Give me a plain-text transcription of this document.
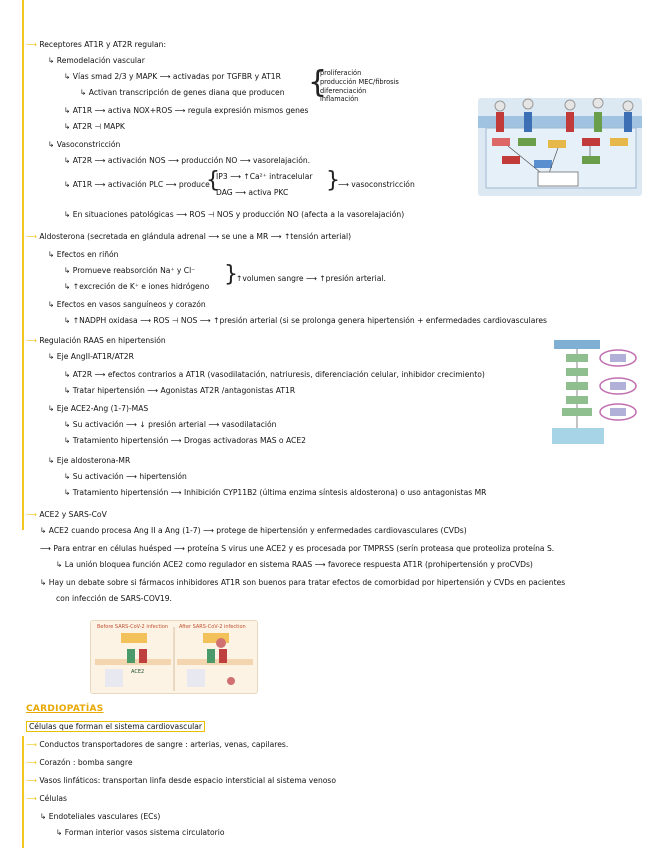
⟶ Receptores AT1R y AT2R regulan:
↳ Remodelación vascular
↳ Vías smad 2/3 y MAPK ⟶ activadas por TGFBR y AT1R
↳ Activan transcripción de genes diana que producen {
proliferación
producción MEC/fibrosis
diferenciación
inflamación
↳ AT1R ⟶ activa NOX+ROS ⟶ regula expresión mismos genes
↳ AT2R ⊣ MAPK
↳ Vasoconstricción
↳ AT2R ⟶ activación NOS ⟶ producción NO ⟶ vasorelajación.
↳ AT1R ⟶ activación PLC ⟶ produce
{
IP3 ⟶ ↑Ca²⁺ intracelular
DAG ⟶ activa PKC }
⟶ vasoconstricción
↳ En situaciones patológicas ⟶ ROS ⊣ NOS y producción NO (afecta a la vasorelajación)
⟶ Aldosterona (secretada en glándula adrenal ⟶ se une a MR ⟶ ↑tensión arterial)
↳ Efectos en riñón
↳ Promueve reabsorción Na⁺ y Cl⁻
↳ ↑excreción de K⁺ e iones hidrógeno }
↑volumen sangre ⟶ ↑presión arterial.
↳ Efectos en vasos sanguíneos y corazón
↳ ↑NADPH oxidasa ⟶ ROS ⊣ NOS ⟶ ↑presión arterial (si se prolonga genera hipertensión + enfermedades cardiovasculares
⟶ Regulación RAAS en hipertensión
↳ Eje AngII-AT1R/AT2R
↳ AT2R ⟶ efectos contrarios a AT1R (vasodilatación, natriuresis, diferenciación celular, inhibidor crecimiento)
↳ Tratar hipertensión ⟶ Agonistas AT2R /antagonistas AT1R
↳ Eje ACE2-Ang (1-7)-MAS
↳ Su activación ⟶ ↓ presión arterial ⟶ vasodilatación
↳ Tratamiento hipertensión ⟶ Drogas activadoras MAS o ACE2
↳ Eje aldosterona-MR
↳ Su activación ⟶ hipertensión
↳ Tratamiento hipertensión ⟶ Inhibición CYP11B2 (última enzima síntesis aldosterona) o uso antagonistas MR
⟶ ACE2 y SARS-CoV
↳ ACE2 cuando procesa Ang II a Ang (1-7) ⟶ protege de hipertensión y enfermedades cardiovasculares (CVDs)
⟶ Para entrar en células huésped ⟶ proteína S virus une ACE2 y es procesada por TMPRSS (serín proteasa que proteoliza proteína S.
↳ La unión bloquea función ACE2 como regulador en sistema RAAS ⟶ favorece respuesta AT1R (prohipertensión y proCVDs)
↳ Hay un debate sobre si fármacos inhibidores AT1R son buenos para tratar efectos de comorbidad por hipertensión y CVDs en pacientes
con infección de SARS-COV19.
Before SARS-CoV-2 infection After SARS-CoV-2 infection
ACE2
CARDIOPATÍAS
Células que forman el sistema cardiovascular
⟶ Conductos transportadores de sangre : arterias, venas, capilares.
⟶ Corazón : bomba sangre
⟶ Vasos linfáticos: transportan linfa desde espacio intersticial al sistema venoso
⟶ Células
↳ Endoteliales vasculares (ECs)
↳ Forman interior vasos sistema circulatorio
